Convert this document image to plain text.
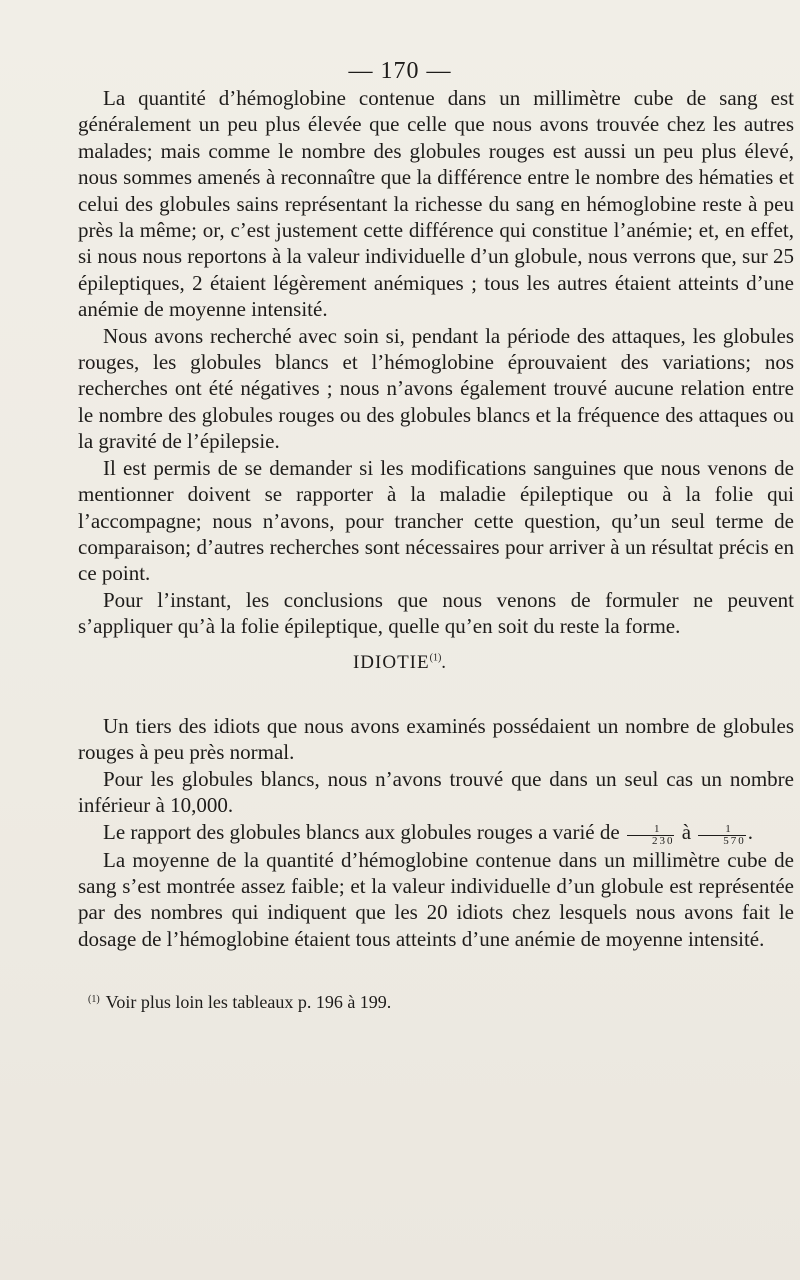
— 170 —

La quantité d’hémoglobine contenue dans un millimètre cube de sang est généralement un peu plus élevée que celle que nous avons trouvée chez les autres malades; mais comme le nombre des globules rouges est aussi un peu plus élevé, nous sommes amenés à reconnaître que la différence entre le nombre des hématies et celui des globules sains représentant la richesse du sang en hémoglobine reste à peu près la même; or, c’est justement cette différence qui constitue l’anémie; et, en effet, si nous nous reportons à la valeur individuelle d’un globule, nous verrons que, sur 25 épileptiques, 2 étaient légèrement anémiques ; tous les autres étaient atteints d’une anémie de moyenne intensité.

Nous avons recherché avec soin si, pendant la période des attaques, les globules rouges, les globules blancs et l’hémoglobine éprouvaient des variations; nos recherches ont été négatives ; nous n’avons également trouvé aucune relation entre le nombre des globules rouges ou des globules blancs et la fréquence des attaques ou la gravité de l’épilepsie.

Il est permis de se demander si les modifications sanguines que nous venons de mentionner doivent se rapporter à la maladie épileptique ou à la folie qui l’accompagne; nous n’avons, pour trancher cette question, qu’un seul terme de comparaison; d’autres recherches sont nécessaires pour arriver à un résultat précis en ce point.

Pour l’instant, les conclusions que nous venons de formuler ne peuvent s’appliquer qu’à la folie épileptique, quelle qu’en soit du reste la forme.

IDIOTIE$^{(1)}$.

Un tiers des idiots que nous avons examinés possédaient un nombre de globules rouges à peu près normal.

Pour les globules blancs, nous n’avons trouvé que dans un seul cas un nombre inférieur à 10,000.

Le rapport des globules blancs aux globules rouges a varié de $\frac{1}{230}$ à $\frac{1}{570}$ .

La moyenne de la quantité d’hémoglobine contenue dans un millimètre cube de sang s’est montrée assez faible; et la valeur individuelle d’un globule est représentée par des nombres qui indiquent que les 20 idiots chez lesquels nous avons fait le dosage de l’hémoglobine étaient tous atteints d’une anémie de moyenne intensité.

$^{(1)}$ Voir plus loin les tableaux p. 196 à 199.
